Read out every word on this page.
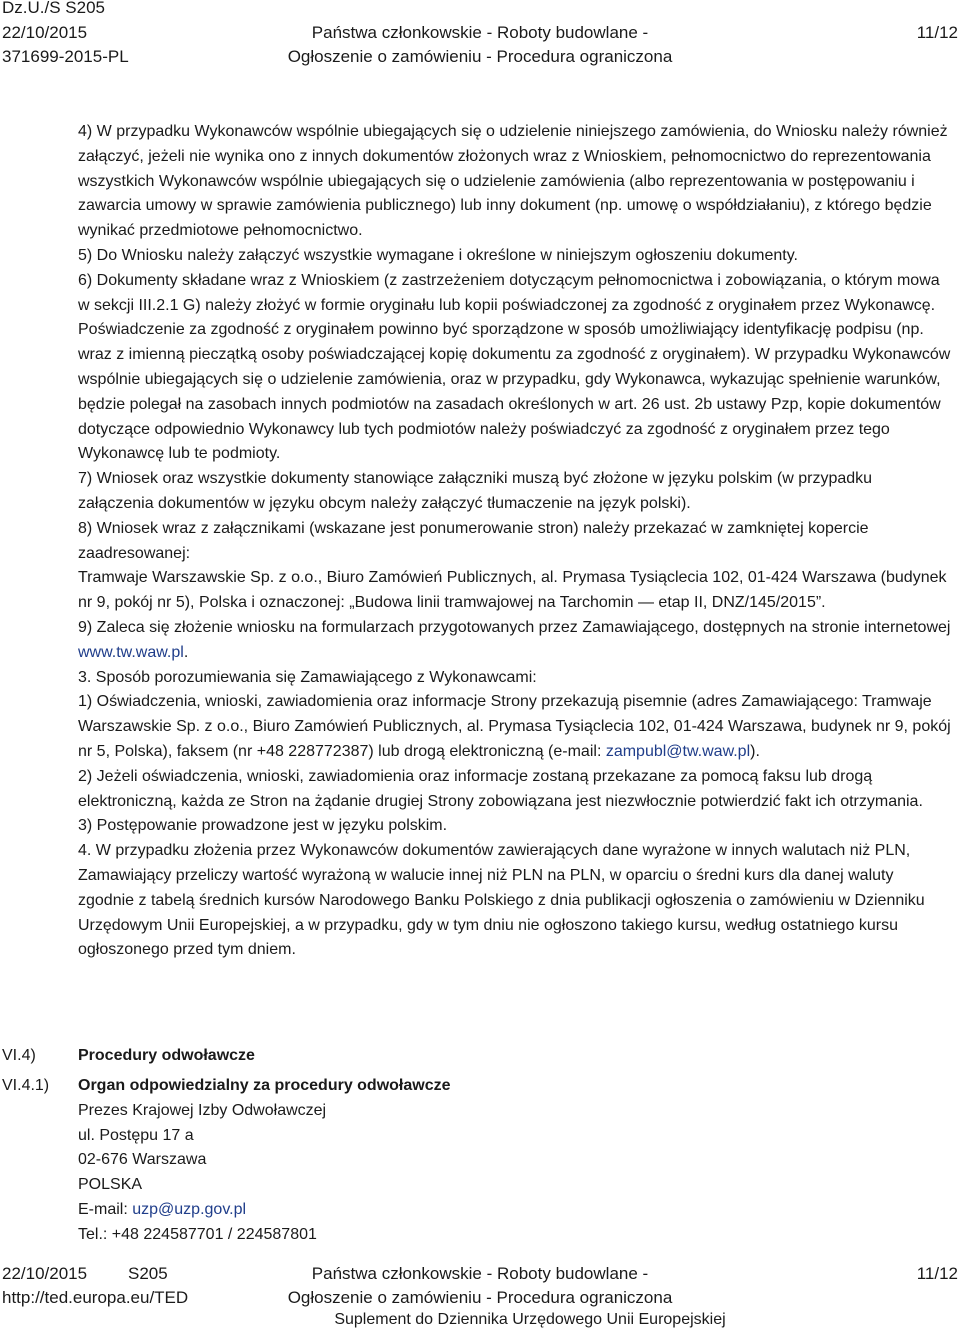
Dz.U./S S205
22/10/2015
371699-2015-PL
Państwa członkowskie - Roboty budowlane -
Ogłoszenie o zamówieniu - Procedura ograniczona
11/12

4) W przypadku Wykonawców wspólnie ubiegających się o udzielenie niniejszego zamówienia, do Wniosku należy również załączyć, jeżeli nie wynika ono z innych dokumentów złożonych wraz z Wnioskiem, pełnomocnictwo do reprezentowania wszystkich Wykonawców wspólnie ubiegających się o udzielenie zamówienia (albo reprezentowania w postępowaniu i zawarcia umowy w sprawie zamówienia publicznego) lub inny dokument (np. umowę o współdziałaniu), z którego będzie wynikać przedmiotowe pełnomocnictwo.

5) Do Wniosku należy załączyć wszystkie wymagane i określone w niniejszym ogłoszeniu dokumenty.

6) Dokumenty składane wraz z Wnioskiem (z zastrzeżeniem dotyczącym pełnomocnictwa i zobowiązania, o którym mowa w sekcji III.2.1 G) należy złożyć w formie oryginału lub kopii poświadczonej za zgodność z oryginałem przez Wykonawcę. Poświadczenie za zgodność z oryginałem powinno być sporządzone w sposób umożliwiający identyfikację podpisu (np. wraz z imienną pieczątką osoby poświadczającej kopię dokumentu za zgodność z oryginałem). W przypadku Wykonawców wspólnie ubiegających się o udzielenie zamówienia, oraz w przypadku, gdy Wykonawca, wykazując spełnienie warunków, będzie polegał na zasobach innych podmiotów na zasadach określonych w art. 26 ust. 2b ustawy Pzp, kopie dokumentów dotyczące odpowiednio Wykonawcy lub tych podmiotów należy poświadczyć za zgodność z oryginałem przez tego Wykonawcę lub te podmioty.

7) Wniosek oraz wszystkie dokumenty stanowiące załączniki muszą być złożone w języku polskim (w przypadku załączenia dokumentów w języku obcym należy załączyć tłumaczenie na język polski).

8) Wniosek wraz z załącznikami (wskazane jest ponumerowanie stron) należy przekazać w zamkniętej kopercie zaadresowanej:

Tramwaje Warszawskie Sp. z o.o., Biuro Zamówień Publicznych, al. Prymasa Tysiąclecia 102, 01-424 Warszawa (budynek nr 9, pokój nr 5), Polska i oznaczonej: „Budowa linii tramwajowej na Tarchomin — etap II, DNZ/145/2015”.

9) Zaleca się złożenie wniosku na formularzach przygotowanych przez Zamawiającego, dostępnych na stronie internetowej www.tw.waw.pl.

3. Sposób porozumiewania się Zamawiającego z Wykonawcami:

1) Oświadczenia, wnioski, zawiadomienia oraz informacje Strony przekazują pisemnie (adres Zamawiającego: Tramwaje Warszawskie Sp. z o.o., Biuro Zamówień Publicznych, al. Prymasa Tysiąclecia 102, 01-424 Warszawa, budynek nr 9, pokój nr 5, Polska), faksem (nr +48 228772387) lub drogą elektroniczną (e-mail: zampubl@tw.waw.pl).

2) Jeżeli oświadczenia, wnioski, zawiadomienia oraz informacje zostaną przekazane za pomocą faksu lub drogą elektroniczną, każda ze Stron na żądanie drugiej Strony zobowiązana jest niezwłocznie potwierdzić fakt ich otrzymania.

3) Postępowanie prowadzone jest w języku polskim.

4. W przypadku złożenia przez Wykonawców dokumentów zawierających dane wyrażone w innych walutach niż PLN, Zamawiający przeliczy wartość wyrażoną w walucie innej niż PLN na PLN, w oparciu o średni kurs dla danej waluty zgodnie z tabelą średnich kursów Narodowego Banku Polskiego z dnia publikacji ogłoszenia o zamówieniu w Dzienniku Urzędowym Unii Europejskiej, a w przypadku, gdy w tym dniu nie ogłoszono takiego kursu, według ostatniego kursu ogłoszonego przed tym dniem.

VI.4)	Procedury odwoławcze
VI.4.1) Organ odpowiedzialny za procedury odwoławcze
Prezes Krajowej Izby Odwoławczej
ul. Postępu 17 a
02-676 Warszawa
POLSKA
E-mail: uzp@uzp.gov.pl
Tel.: +48 224587701 / 224587801
22/10/2015 S205
http://ted.europa.eu/TED
Państwa członkowskie - Roboty budowlane -
Ogłoszenie o zamówieniu - Procedura ograniczona
Suplement do Dziennika Urzędowego Unii Europejskiej
11/12
